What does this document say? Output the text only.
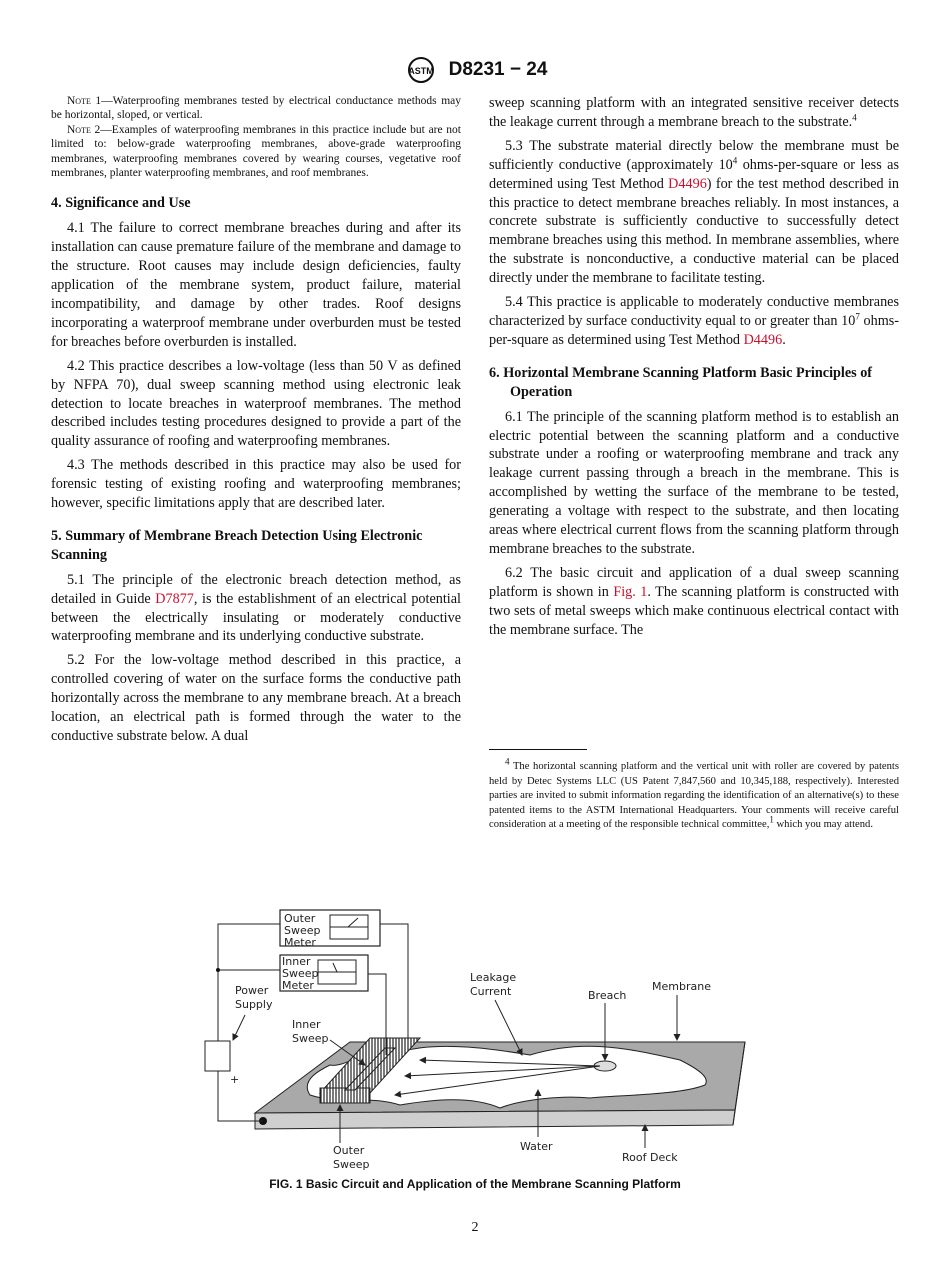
ASTM D8231 − 24

Note 1—Waterproofing membranes tested by electrical conductance methods may be horizontal, sloped, or vertical.

Note 2—Examples of waterproofing membranes in this practice include but are not limited to: below-grade waterproofing membranes, above-grade waterproofing membranes, waterproofing membranes covered by wearing courses, vegetative roof membranes, planter waterproofing membranes, and roof membranes.

4. Significance and Use

4.1 The failure to correct membrane breaches during and after its installation can cause premature failure of the membrane and damage to the structure. Root causes may include design deficiencies, faulty application of the membrane system, product failure, material incompatibility, and damage by other trades. Roof designs incorporating a waterproof membrane under overburden must be tested for breaches before overburden is installed.

4.2 This practice describes a low-voltage (less than 50 V as defined by NFPA 70), dual sweep scanning method using electronic leak detection to locate breaches in waterproof membranes. The method described includes testing procedures designed to provide a part of the quality assurance of roofing and waterproofing membranes.

4.3 The methods described in this practice may also be used for forensic testing of existing roofing and waterproofing membranes; however, specific limitations apply that are described later.

5. Summary of Membrane Breach Detection Using Electronic Scanning

5.1 The principle of the electronic breach detection method, as detailed in Guide D7877, is the establishment of an electrical potential between the electrically insulating or moderately conductive waterproofing membrane and its underlying conductive substrate.

5.2 For the low-voltage method described in this practice, a controlled covering of water on the surface forms the conductive path horizontally across the membrane to any membrane breach. At a breach location, an electrical path is formed through the water to the conductive substrate below. A dual

sweep scanning platform with an integrated sensitive receiver detects the leakage current through a membrane breach to the substrate.$^4$

5.3 The substrate material directly below the membrane must be sufficiently conductive (approximately $10^4$ ohms-per-square or less as determined using Test Method D4496) for the test method described in this practice to detect membrane breaches reliably. In most instances, a concrete substrate is sufficiently conductive to successfully detect membrane breaches using this method. In membrane assemblies, where the substrate is nonconductive, a conductive material can be placed directly under the membrane to facilitate testing.

5.4 This practice is applicable to moderately conductive membranes characterized by surface conductivity equal to or greater than $10^7$ ohms-per-square as determined using Test Method D4496.

6. Horizontal Membrane Scanning Platform Basic Principles of Operation

6.1 The principle of the scanning platform method is to establish an electric potential between the scanning platform and a conductive substrate under a roofing or waterproofing membrane and track any leakage current passing through a breach in the membrane. This is accomplished by wetting the surface of the membrane to be tested, generating a voltage with respect to the substrate, and then locating areas where electrical current flows from the scanning platform through membrane breaches to the substrate.

6.2 The basic circuit and application of a dual sweep scanning platform is shown in Fig. 1. The scanning platform is constructed with two sets of metal sweeps which make continuous electrical contact with the membrane surface. The

$^4$ The horizontal scanning platform and the vertical unit with roller are covered by patents held by Detec Systems LLC (US Patent 7,847,560 and 10,345,188, respectively). Interested parties are invited to submit information regarding the identification of an alternative(s) to these patented items to the ASTM International Headquarters. Your comments will receive careful consideration at a meeting of the responsible technical committee,$^1$ which you may attend.
Outer
Sweep
Meter
Inner
Sweep
Meter
+
Power
Supply
Inner
Sweep
Leakage
Current	Breach
Membrane
Outer
Sweep
Water
Roof Deck
FIG. 1 Basic Circuit and Application of the Membrane Scanning Platform
2
